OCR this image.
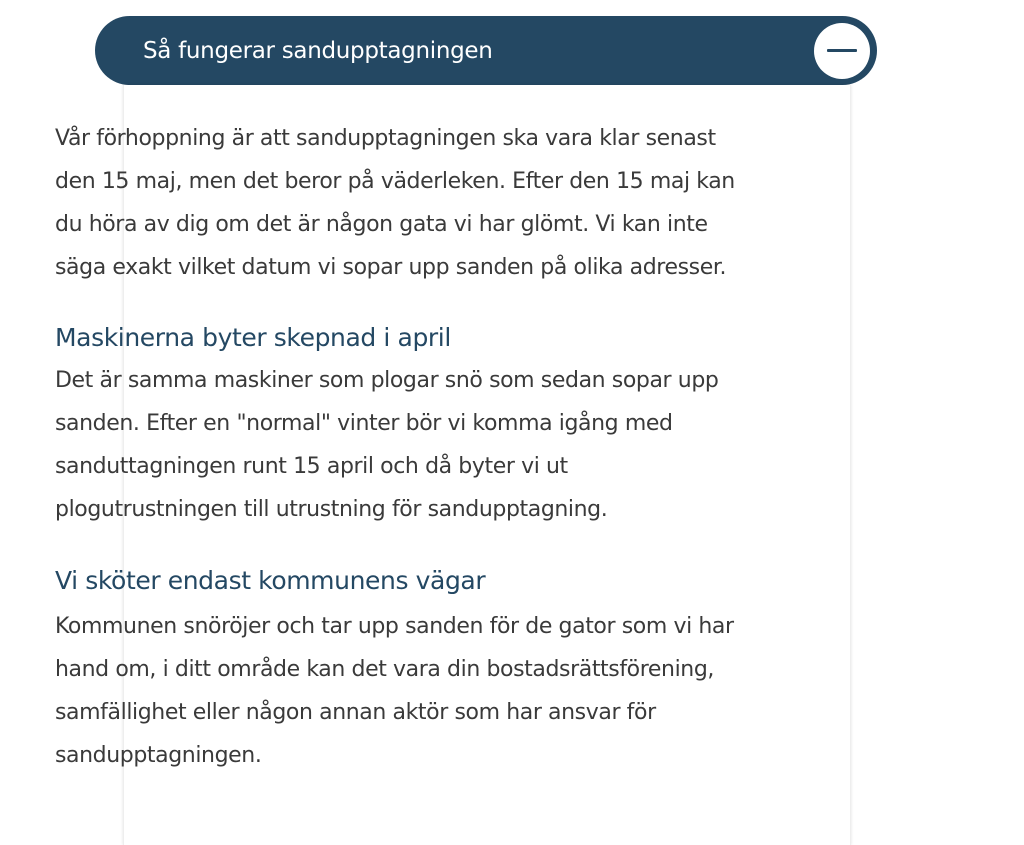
Så fungerar sandupptagningen

Vår förhoppning är att sandupptagningen ska vara klar senast den 15 maj, men det beror på väderleken. Efter den 15 maj kan du höra av dig om det är någon gata vi har glömt. Vi kan inte säga exakt vilket datum vi sopar upp sanden på olika adresser.

Maskinerna byter skepnad i april

Det är samma maskiner som plogar snö som sedan sopar upp sanden. Efter en "normal" vinter bör vi komma igång med sanduttagningen runt 15 april och då byter vi ut plogutrustningen till utrustning för sandupptagning.

Vi sköter endast kommunens vägar

Kommunen snöröjer och tar upp sanden för de gator som vi har hand om, i ditt område kan det vara din bostadsrättsförening, samfällighet eller någon annan aktör som har ansvar för sandupptagningen.
